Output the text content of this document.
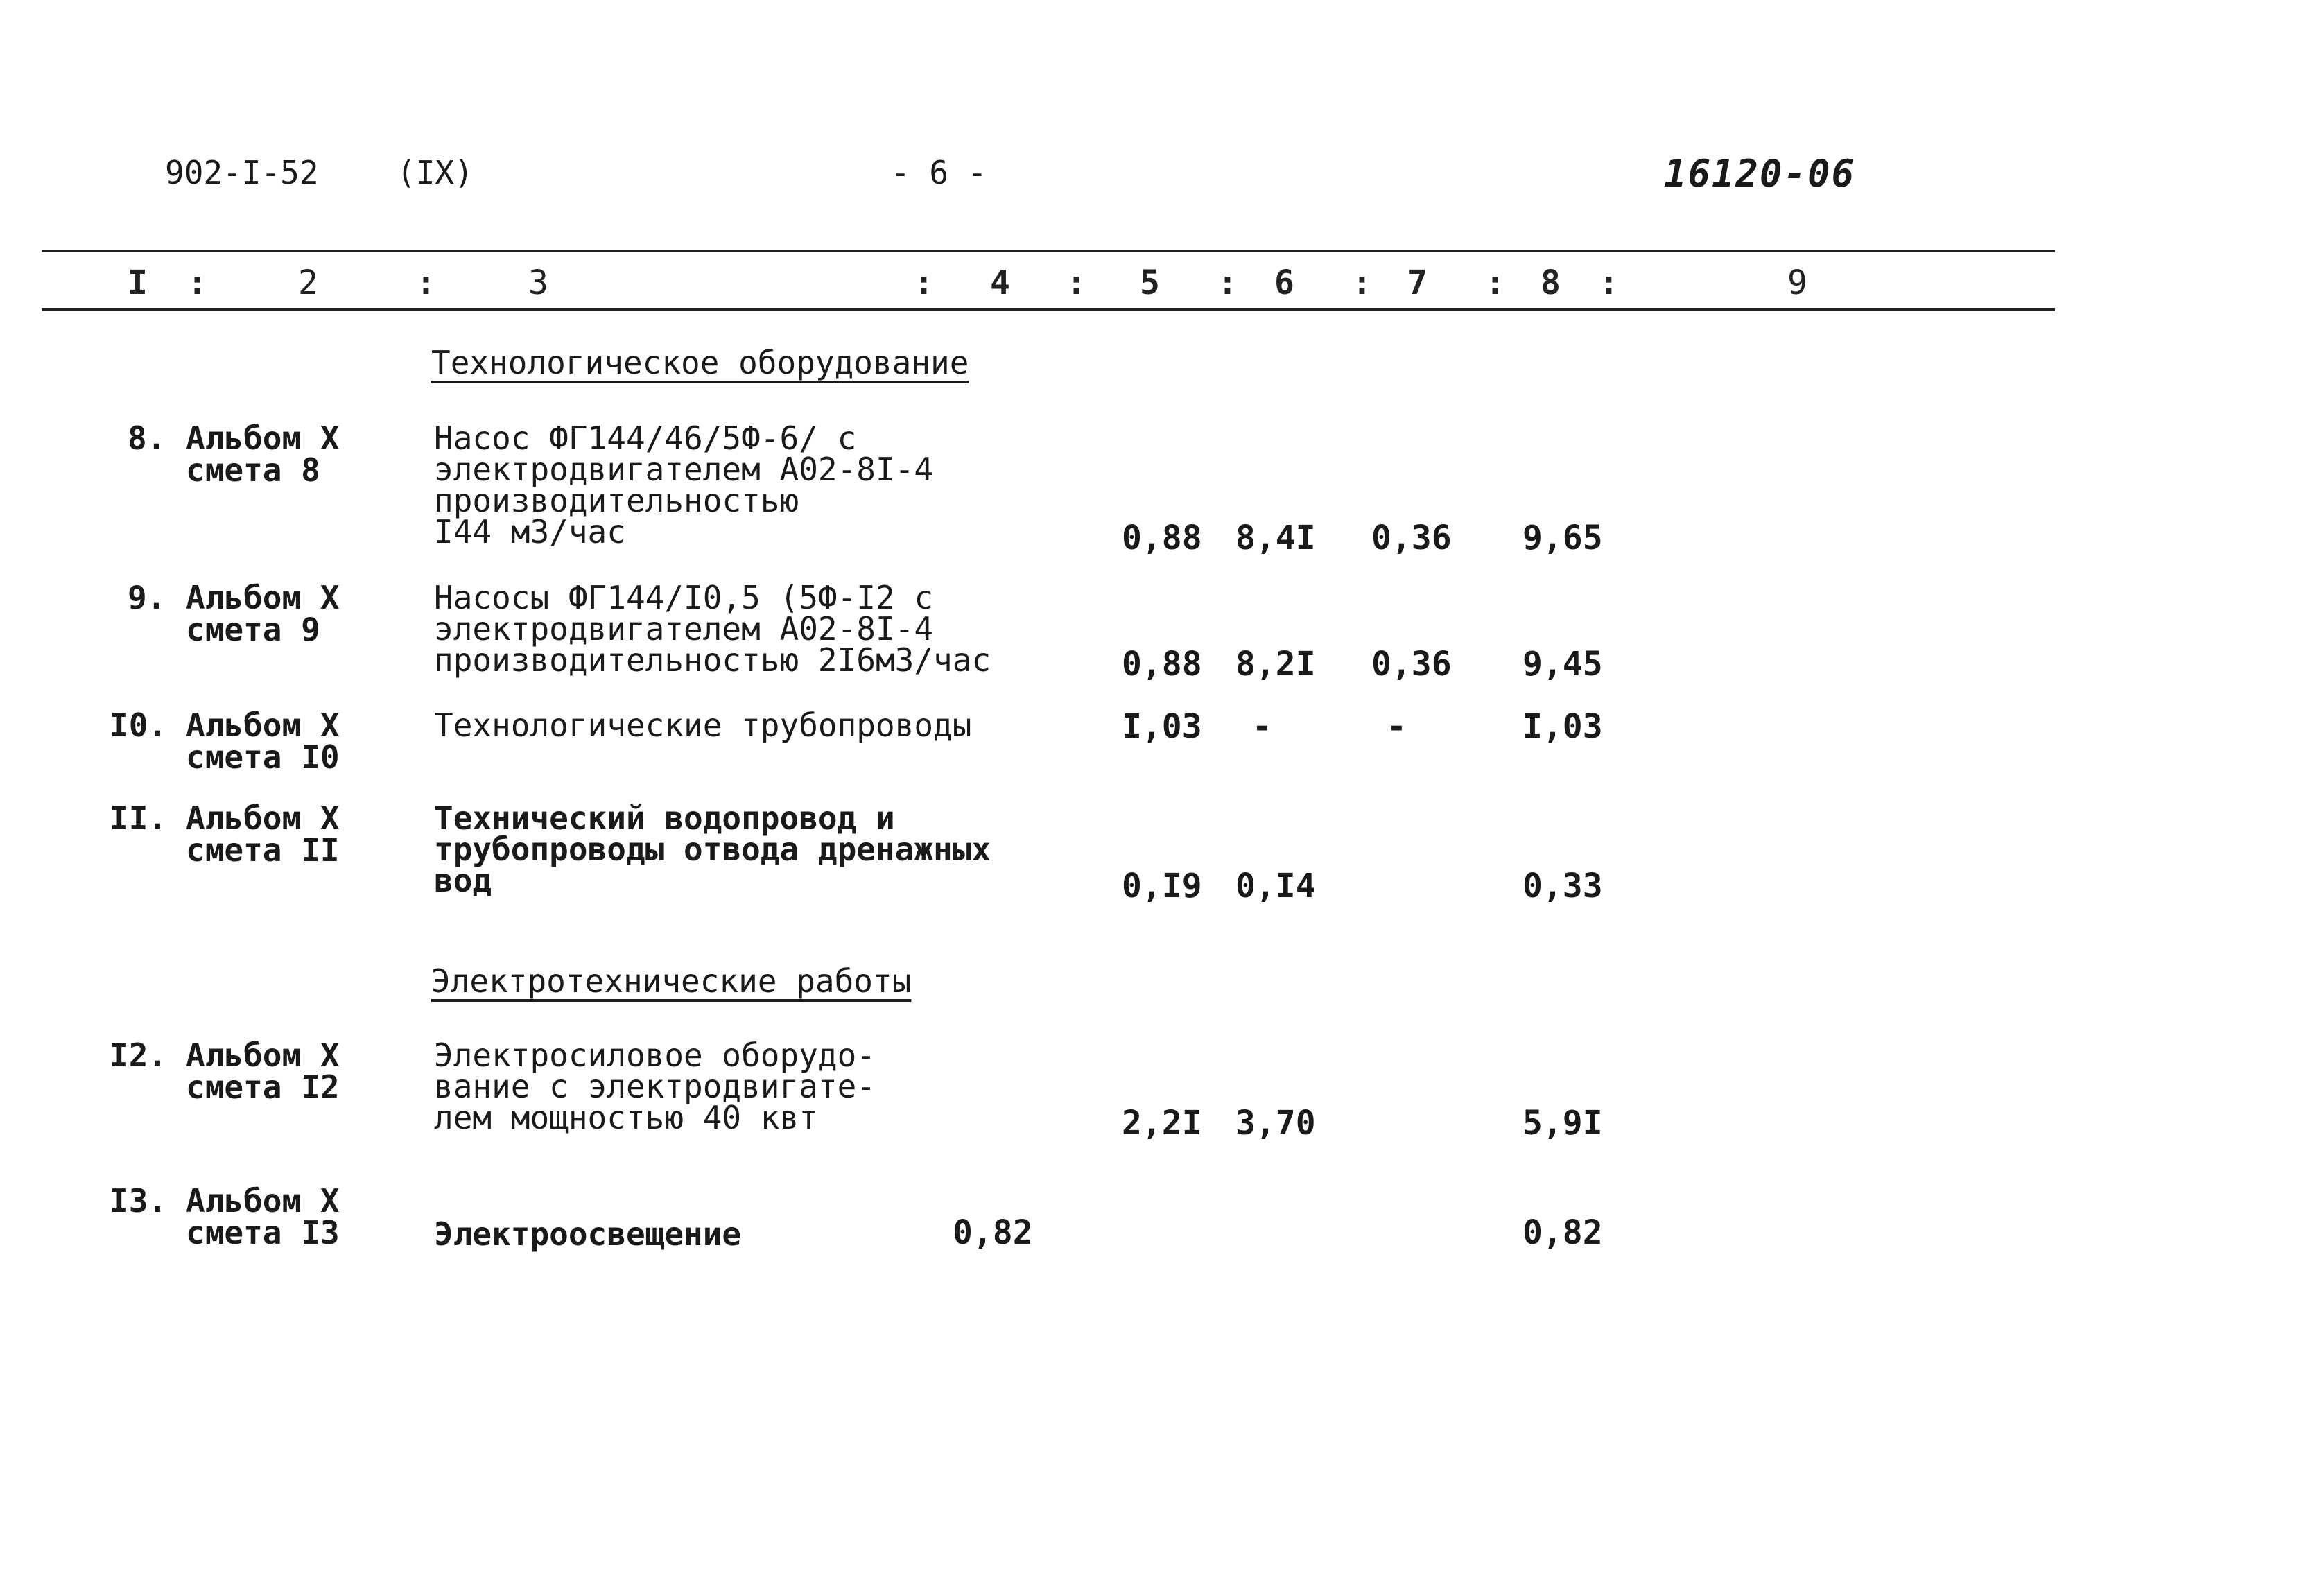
902-I-52 (IX)	- 6 -	16120-06
I :	2	:	3	: 4 : 5 : 6 : 7 : 8 :	9
Технологическое оборудование
8. Альбом X
смета 8
Насос ФГ144/46/5Ф-6/ с
электродвигателем А02-8I-4
производительностью
I44 м3/час	0,88 8,4I 0,36 9,65
9. Альбом X
смета 9
Насосы ФГ144/I0,5 (5Ф-I2 с
электродвигателем А02-8I-4
производительностью 2I6м3/час	0,88 8,2I 0,36 9,45
I0. Альбом X
смета I0
Технологические трубопроводы	I,03 -	-	I,03
II. Альбом X
смета II
Технический водопровод и
трубопроводы отвода дренажных
вод	0,I9 0,I4	0,33
Электротехнические работы
I2. Альбом X
смета I2
Электросиловое оборудо-
вание с электродвигате-
лем мощностью 40 квт	2,2I 3,70	5,9I
I3. Альбом X
смета I3	Электроосвещение	0,82	0,82
